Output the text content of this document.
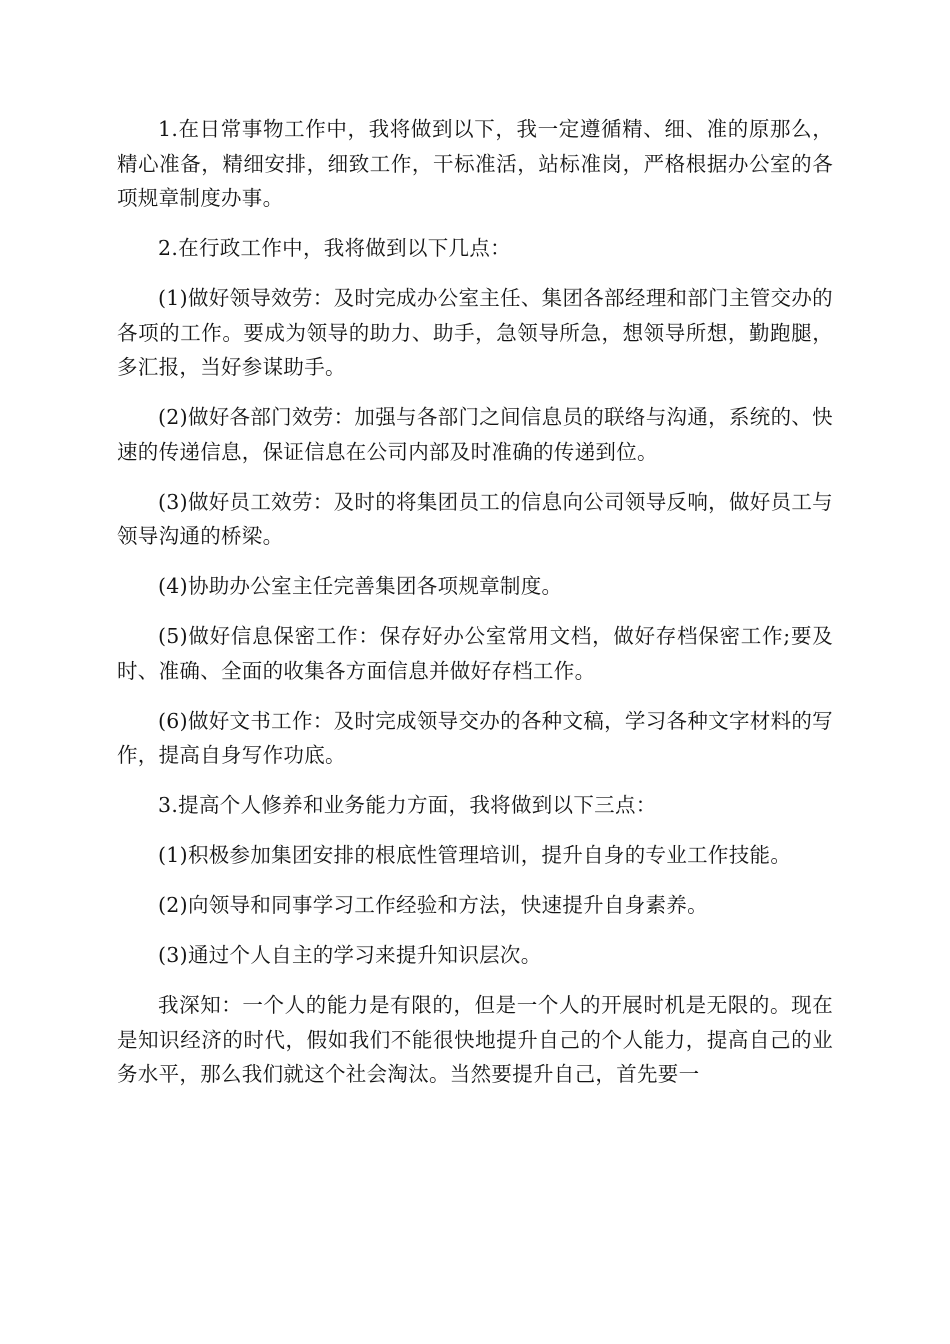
1.在日常事物工作中，我将做到以下，我一定遵循精、细、准的原那么，精心准备，精细安排，细致工作，干标准活，站标准岗，严格根据办公室的各项规章制度办事。

2.在行政工作中，我将做到以下几点：

(1)做好领导效劳：及时完成办公室主任、集团各部经理和部门主管交办的各项的工作。要成为领导的助力、助手，急领导所急，想领导所想，勤跑腿，多汇报，当好参谋助手。

(2)做好各部门效劳：加强与各部门之间信息员的联络与沟通，系统的、快速的传递信息，保证信息在公司内部及时准确的传递到位。

(3)做好员工效劳：及时的将集团员工的信息向公司领导反响，做好员工与领导沟通的桥梁。

(4)协助办公室主任完善集团各项规章制度。

(5)做好信息保密工作：保存好办公室常用文档，做好存档保密工作;要及时、准确、全面的收集各方面信息并做好存档工作。

(6)做好文书工作：及时完成领导交办的各种文稿，学习各种文字材料的写作，提高自身写作功底。

3.提高个人修养和业务能力方面，我将做到以下三点：

(1)积极参加集团安排的根底性管理培训，提升自身的专业工作技能。

(2)向领导和同事学习工作经验和方法，快速提升自身素养。

(3)通过个人自主的学习来提升知识层次。

我深知：一个人的能力是有限的，但是一个人的开展时机是无限的。现在是知识经济的时代，假如我们不能很快地提升自己的个人能力，提高自己的业务水平，那么我们就这个社会淘汰。当然要提升自己，首先要一
